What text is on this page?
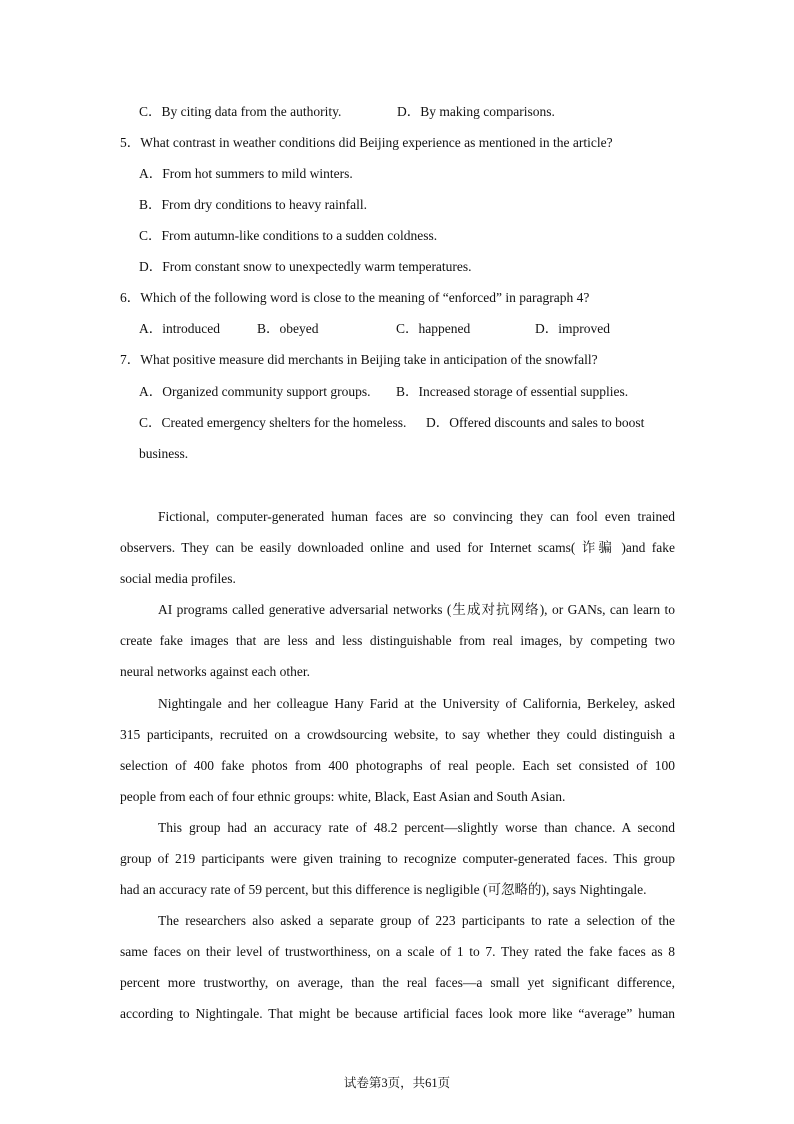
C．By citing data from the authority.	D．By making comparisons.
5．What contrast in weather conditions did Beijing experience as mentioned in the article?
A．From hot summers to mild winters.
B．From dry conditions to heavy rainfall.
C．From autumn-like conditions to a sudden coldness.
D．From constant snow to unexpectedly warm temperatures.
6．Which of the following word is close to the meaning of “enforced” in paragraph 4?
A．introduced	B．obeyed	C．happened	D．improved
7．What positive measure did merchants in Beijing take in anticipation of the snowfall?
A．Organized community support groups. B．Increased storage of essential supplies.
C．Created emergency shelters for the homeless. D．Offered discounts and sales to boost
business.
Fictional, computer-generated human faces are so convincing they can fool even trained
observers. They can be easily downloaded online and used for Internet scams( 诈骗 )and fake
social media profiles.
AI programs called generative adversarial networks (生成对抗网络), or GANs, can learn to
create fake images that are less and less distinguishable from real images, by competing two
neural networks against each other.
Nightingale and her colleague Hany Farid at the University of California, Berkeley, asked
315 participants, recruited on a crowdsourcing website, to say whether they could distinguish a
selection of 400 fake photos from 400 photographs of real people. Each set consisted of 100
people from each of four ethnic groups: white, Black, East Asian and South Asian.
This group had an accuracy rate of 48.2 percent—slightly worse than chance. A second
group of 219 participants were given training to recognize computer-generated faces. This group
had an accuracy rate of 59 percent, but this difference is negligible (可忽略的), says Nightingale.
The researchers also asked a separate group of 223 participants to rate a selection of the
same faces on their level of trustworthiness, on a scale of 1 to 7. They rated the fake faces as 8
percent more trustworthy, on average, than the real faces—a small yet significant difference,
according to Nightingale. That might be because artificial faces look more like “average” human
试卷第3页，共61页
